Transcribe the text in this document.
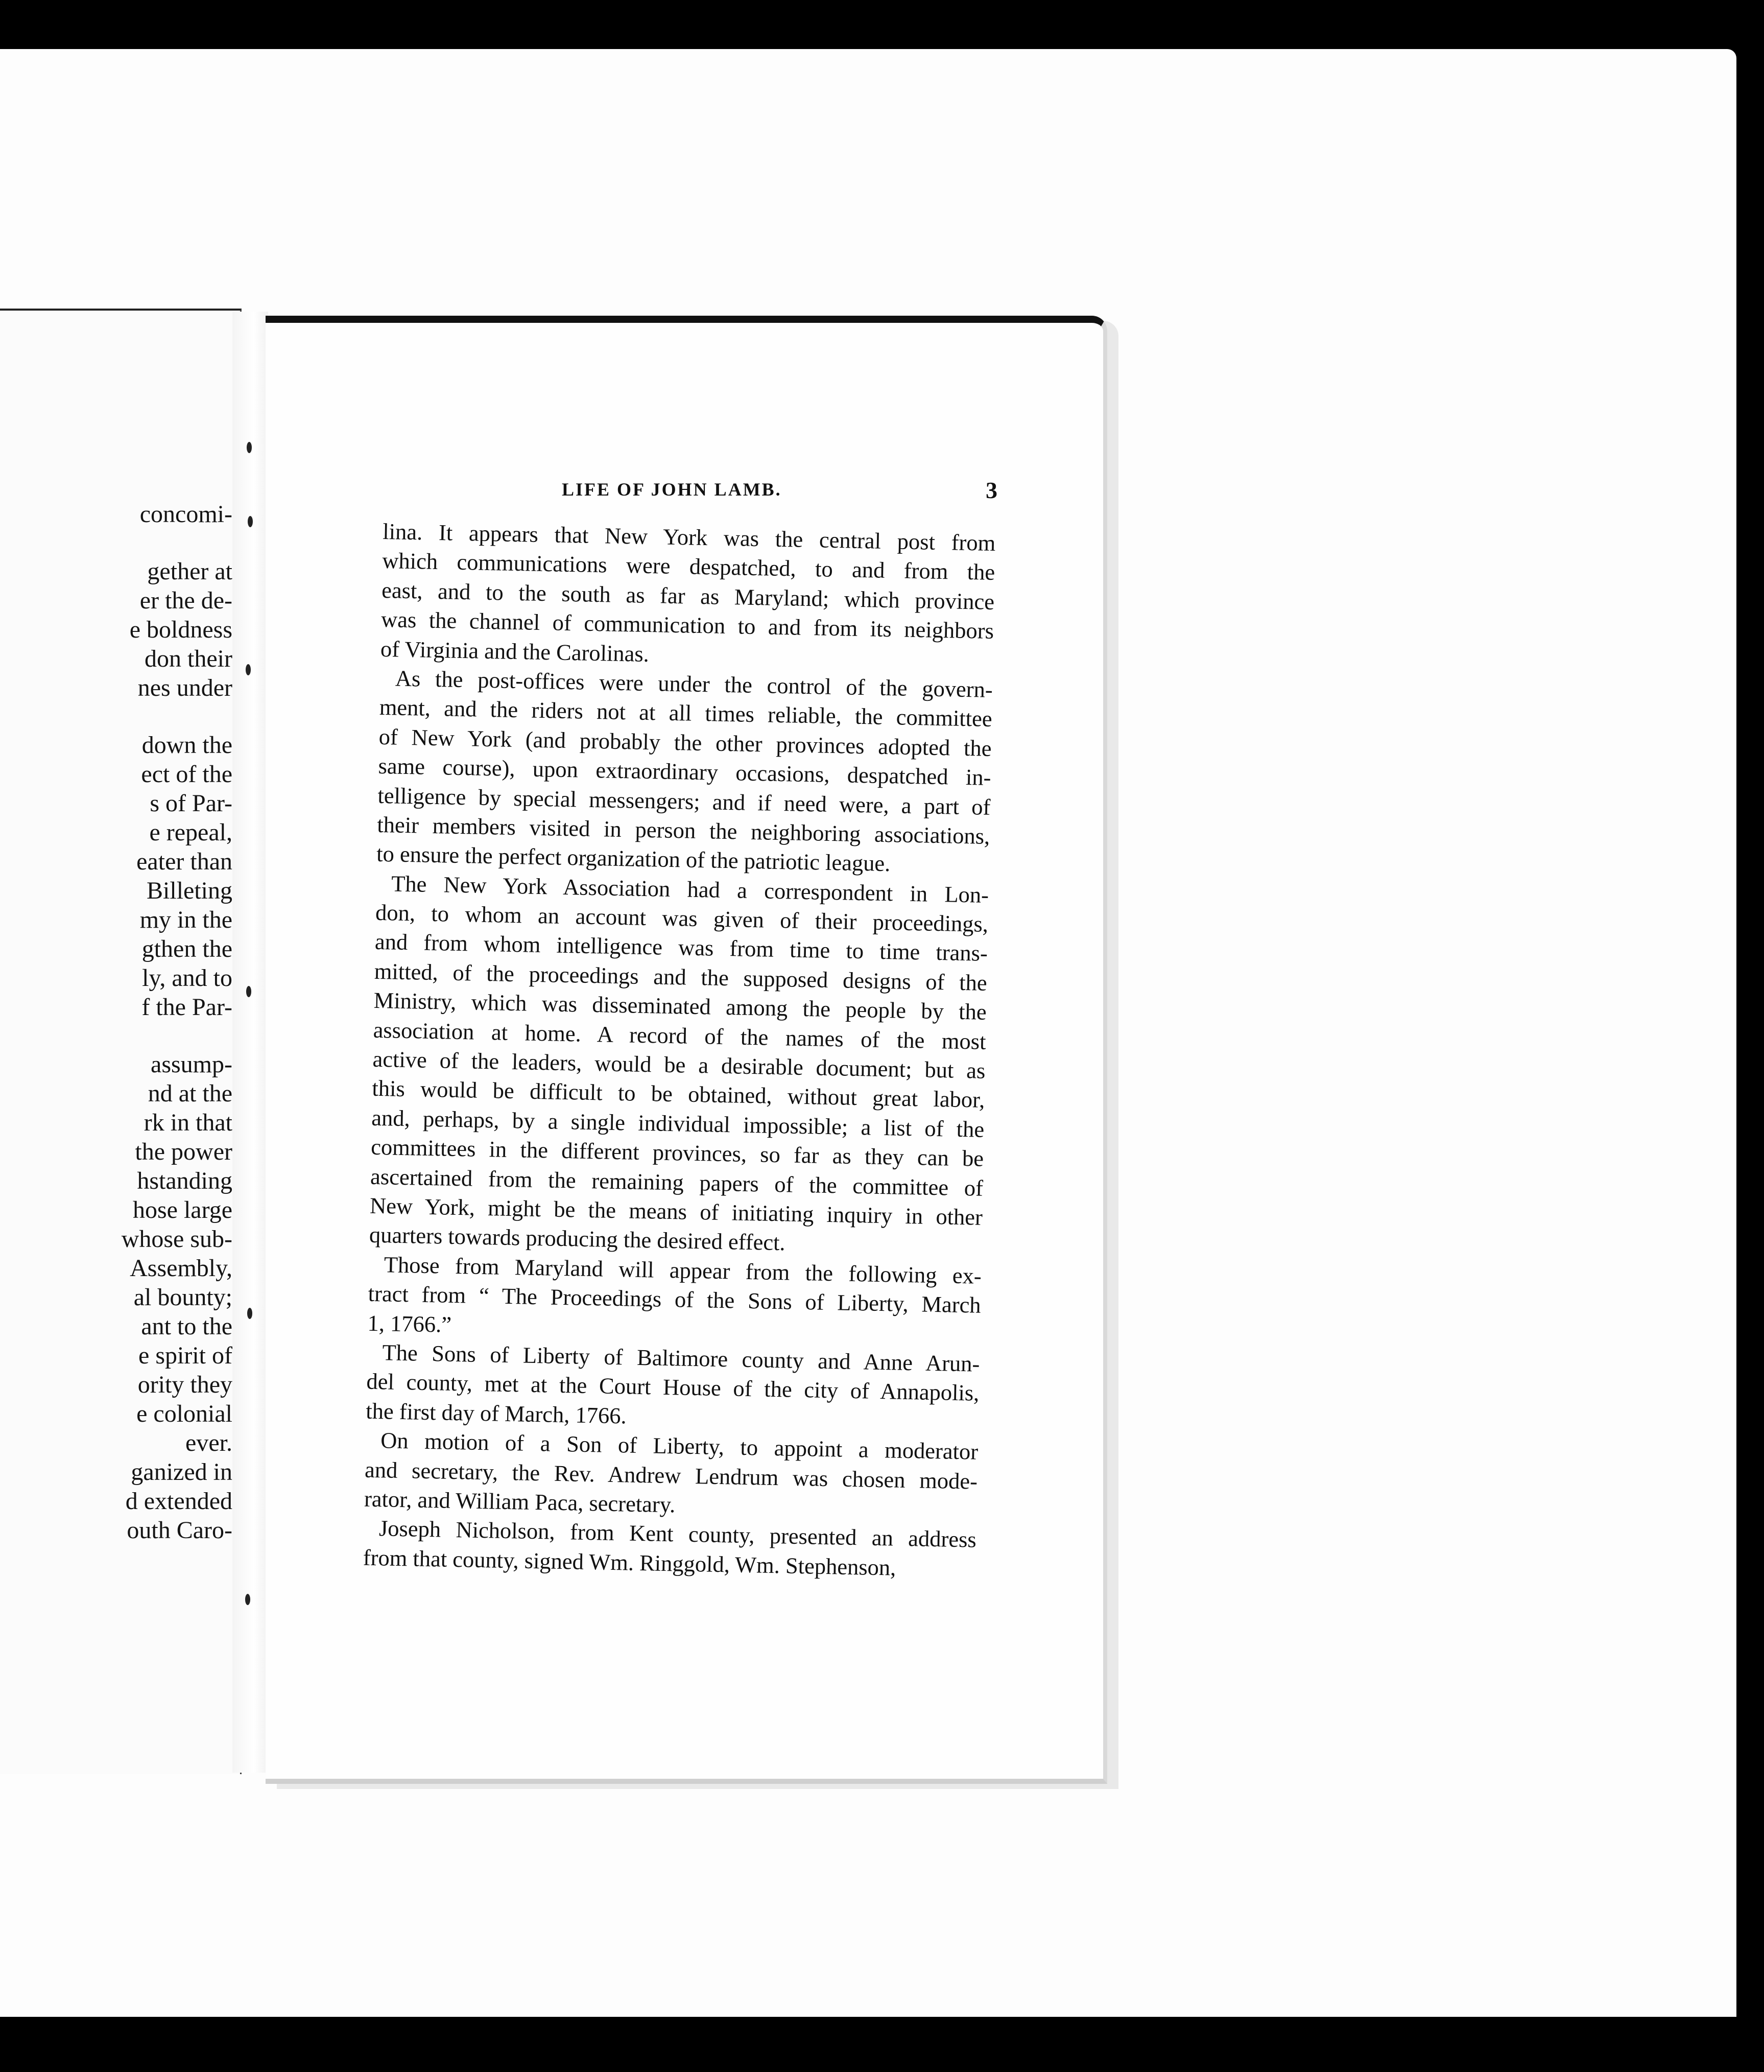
concomi-
gether at
er the de-
e boldness
don their
nes under
down the
ect of the
s of Par-
e repeal,
eater than
Billeting
my in the
gthen the
ly, and to
f the Par-
assump-
nd at the
rk in that
the power
hstanding
hose large
whose sub-
Assembly,
al bounty;
ant to the
e spirit of
ority they
e colonial
ever.
ganized in
d extended
outh Caro-
LIFE OF JOHN LAMB.	3
lina. It appears that New York was the central post from
which communications were despatched, to and from the
east, and to the south as far as Maryland; which province
was the channel of communication to and from its neighbors
of Virginia and the Carolinas.
As the post-offices were under the control of the govern-
ment, and the riders not at all times reliable, the committee
of New York (and probably the other provinces adopted the
same course), upon extraordinary occasions, despatched in-
telligence by special messengers; and if need were, a part of
their members visited in person the neighboring associations,
to ensure the perfect organization of the patriotic league.
The New York Association had a correspondent in Lon-
don, to whom an account was given of their proceedings,
and from whom intelligence was from time to time trans-
mitted, of the proceedings and the supposed designs of the
Ministry, which was disseminated among the people by the
association at home. A record of the names of the most
active of the leaders, would be a desirable document; but as
this would be difficult to be obtained, without great labor,
and, perhaps, by a single individual impossible; a list of the
committees in the different provinces, so far as they can be
ascertained from the remaining papers of the committee of
New York, might be the means of initiating inquiry in other
quarters towards producing the desired effect.
Those from Maryland will appear from the following ex-
tract from “ The Proceedings of the Sons of Liberty, March
1, 1766.”
The Sons of Liberty of Baltimore county and Anne Arun-
del county, met at the Court House of the city of Annapolis,
the first day of March, 1766.
On motion of a Son of Liberty, to appoint a moderator
and secretary, the Rev. Andrew Lendrum was chosen mode-
rator, and William Paca, secretary.
Joseph Nicholson, from Kent county, presented an address
from that county, signed Wm. Ringgold, Wm. Stephenson,
